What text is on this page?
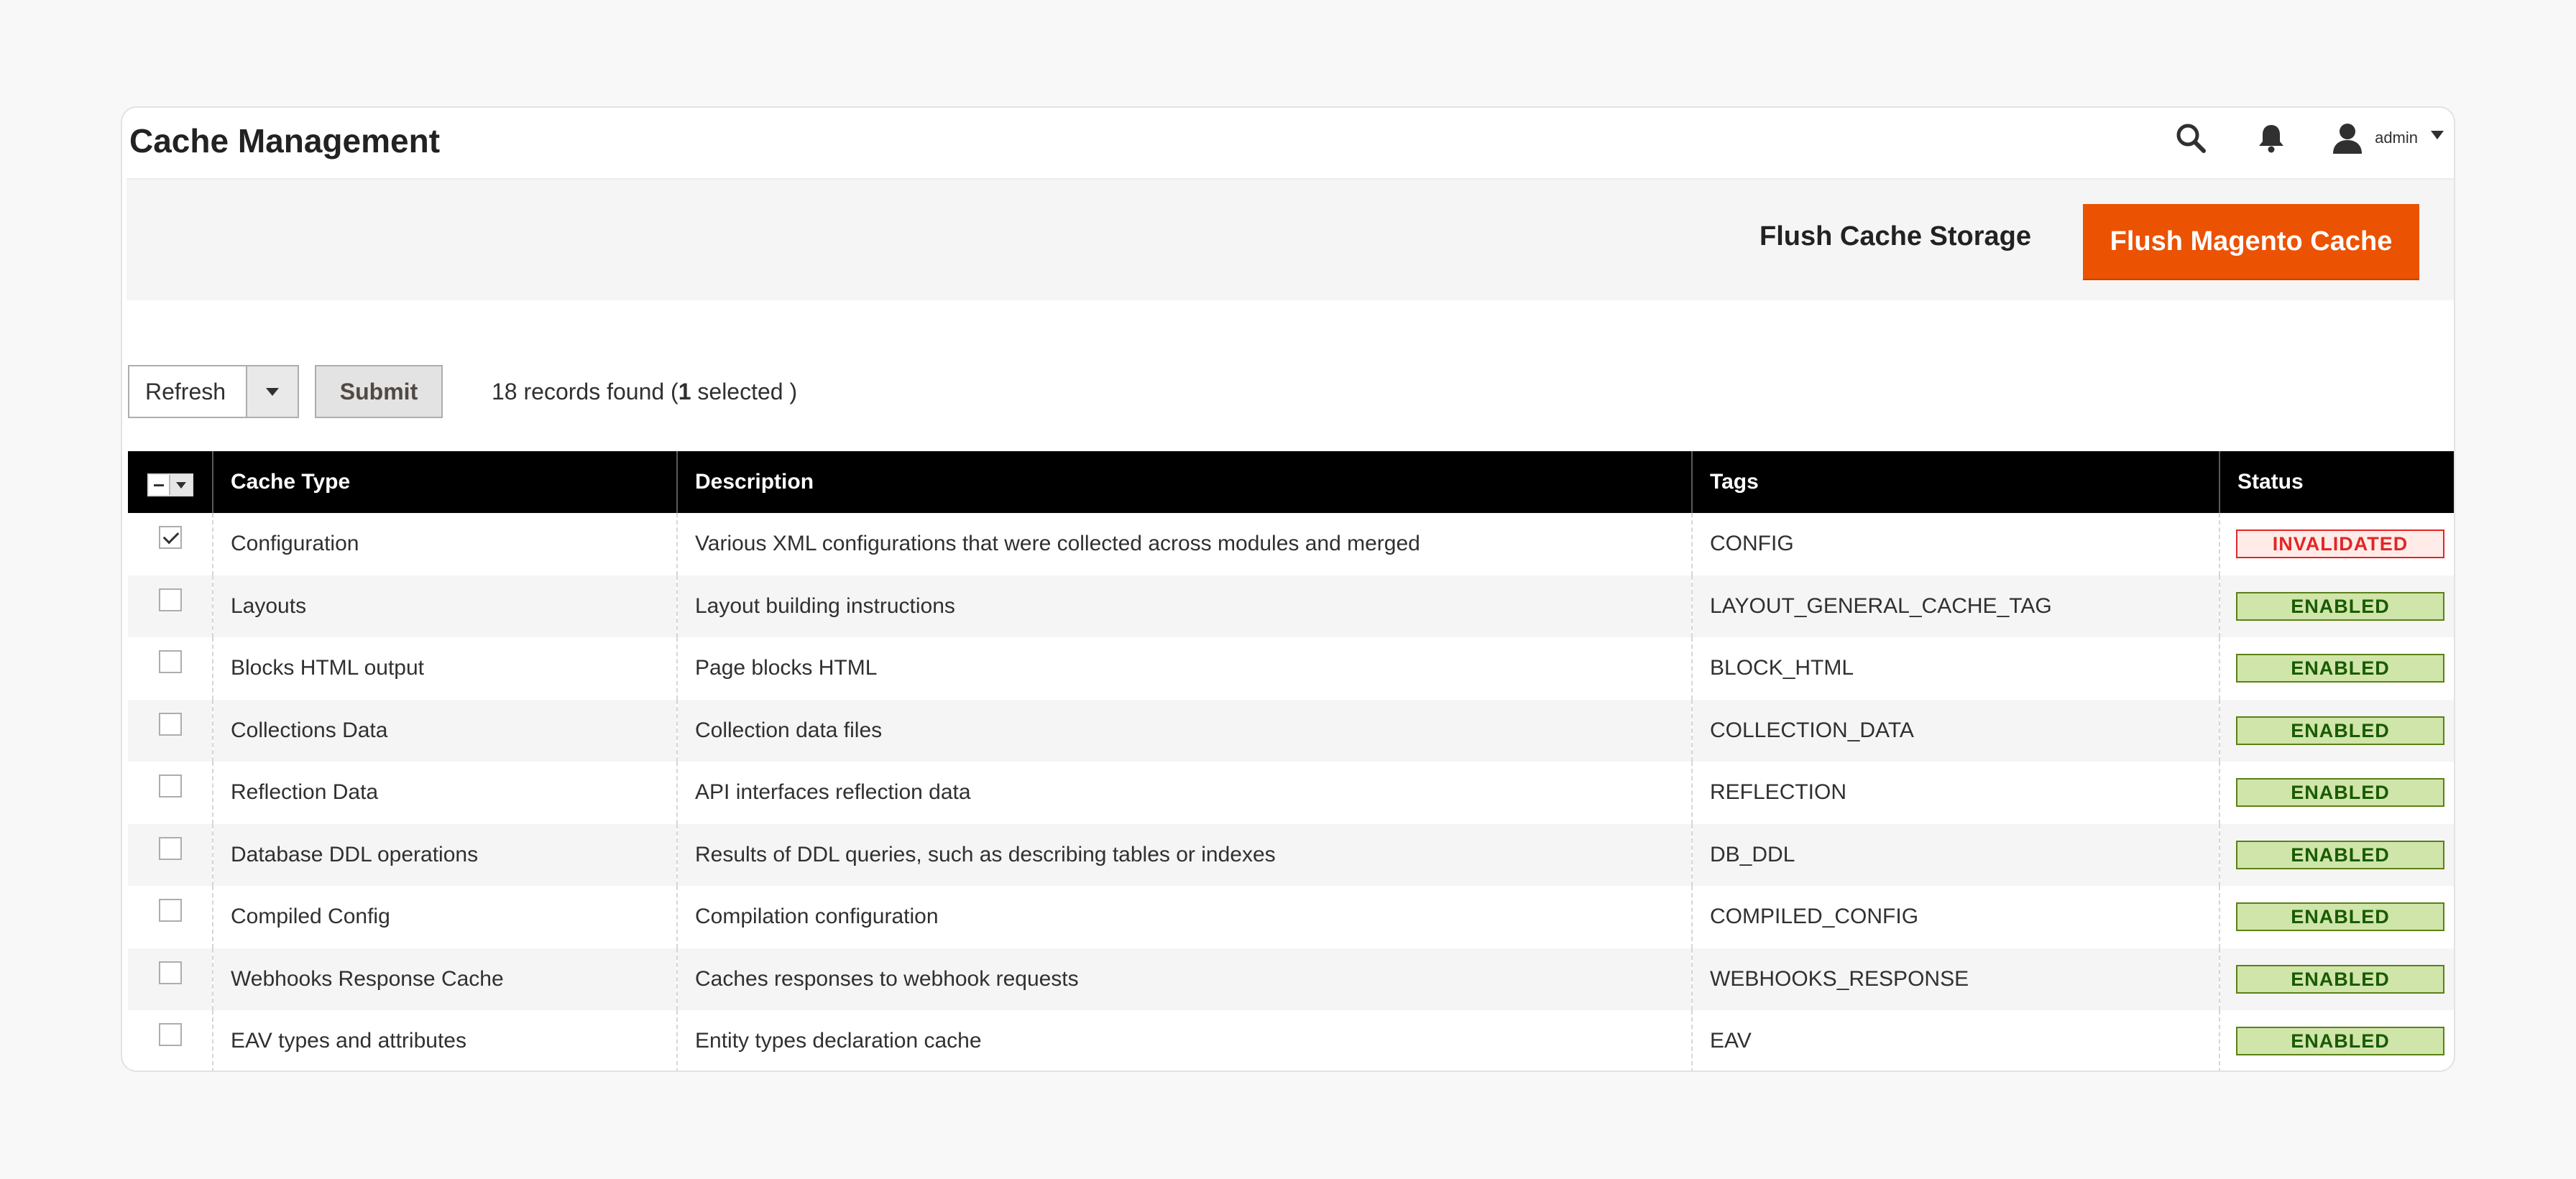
Cache Management	admin
Flush Cache Storage	Flush Magento Cache
Refresh	Submit	18 records found (1 selected )
	Cache Type	Description	Tags	Status
	Configuration	Various XML configurations that were collected across modules and merged	CONFIG	INVALIDATED
	Layouts	Layout building instructions	LAYOUT_GENERAL_CACHE_TAG	ENABLED
	Blocks HTML output	Page blocks HTML	BLOCK_HTML	ENABLED
	Collections Data	Collection data files	COLLECTION_DATA	ENABLED
	Reflection Data	API interfaces reflection data	REFLECTION	ENABLED
	Database DDL operations	Results of DDL queries, such as describing tables or indexes	DB_DDL	ENABLED
	Compiled Config	Compilation configuration	COMPILED_CONFIG	ENABLED
	Webhooks Response Cache	Caches responses to webhook requests	WEBHOOKS_RESPONSE	ENABLED
	EAV types and attributes	Entity types declaration cache	EAV	ENABLED
